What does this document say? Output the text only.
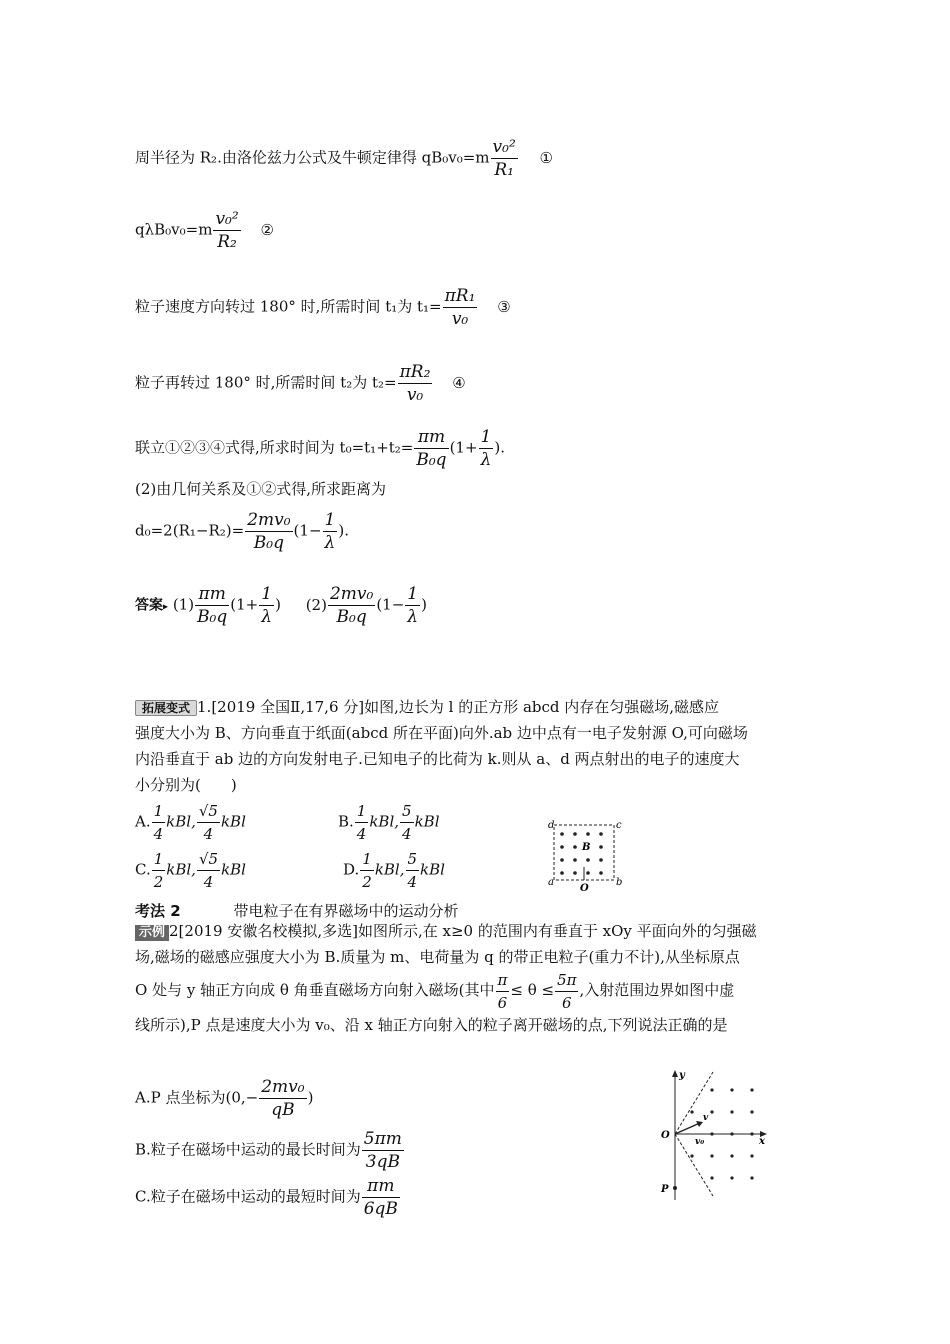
周半径为 R₂.由洛伦兹力公式及牛顿定律得 $qB_0v_0=m \frac{\text{v₀²}}{\text{R₁}}$ ①
$q\lambda B_0v_0=m \frac{\text{v₀²}}{\text{R₂}}$ ②
粒子速度方向转过 180° 时,所需时间 t₁为 $t_1= \frac{\text{πR₁}}{\text{v₀}}$ ③
粒子再转过 180° 时,所需时间 t₂为 $t_2= \frac{\text{πR₂}}{\text{v₀}}$ ④
联立①②③④式得,所求时间为 $t_0=t_1+t_2= \frac{\pi m}{\text{B₀q}} (1+ \frac{1}{\lambda}$ ).
(2)由几何关系及①②式得,所求距离为
$d_0=2(R_1-R_2)= \frac{\text{2mv₀}}{\text{B₀q}} (1- \frac{1}{\lambda}$ ).
答案▸ $(1) \frac{\pi m}{\text{B₀q}} (1+ \frac{1}{\lambda}$ ) $(2) \frac{\text{2mv₀}}{\text{B₀q}} (1- \frac{1}{\lambda}$ )
拓展变式 1.[2019 全国Ⅱ,17,6 分]如图,边长为 l 的正方形 abcd 内存在匀强磁场,磁感应
强度大小为 B、方向垂直于纸面(abcd 所在平面)向外.ab 边中点有一电子发射源 O,可向磁场
内沿垂直于 ab 边的方向发射电子.已知电子的比荷为 k.则从 a、d 两点射出的电子的速度大
小分别为(　　)
A. $\frac{1}{4}$ kBl, $\frac{√5}{4}$ kBl	B. $\frac{1}{4}$ kBl, $\frac{5}{4}$ kBl
C. $\frac{1}{2}$ kBl, $\frac{√5}{4}$ kBl	D. $\frac{1}{2}$ kBl, $\frac{5}{4}$ kBl
d	c
a	b
O
B
考法 2	带电粒子在有界磁场中的运动分析
示例 2[2019 安徽名校模拟,多选]如图所示,在 x≥0 的范围内有垂直于 xOy 平面向外的匀强磁
场,磁场的磁感应强度大小为 B.质量为 m、电荷量为 q 的带正电粒子(重力不计),从坐标原点
O 处与 y 轴正方向成 θ 角垂直磁场方向射入磁场(其中 $\frac{\pi}{6} \le \theta \le \frac{5\pi}{6}$ ,入射范围边界如图中虚
线所示),P 点是速度大小为 v₀、沿 x 轴正方向射入的粒子离开磁场的点,下列说法正确的是
A.P 点坐标为($0,- \frac{\text{2mv₀}}{qB}$ )
B.粒子在磁场中运动的最长时间为 $\frac{5\pi m}{3qB}$
C.粒子在磁场中运动的最短时间为 $\frac{\pi m}{6qB}$
y
x
O
P
v
v₀
